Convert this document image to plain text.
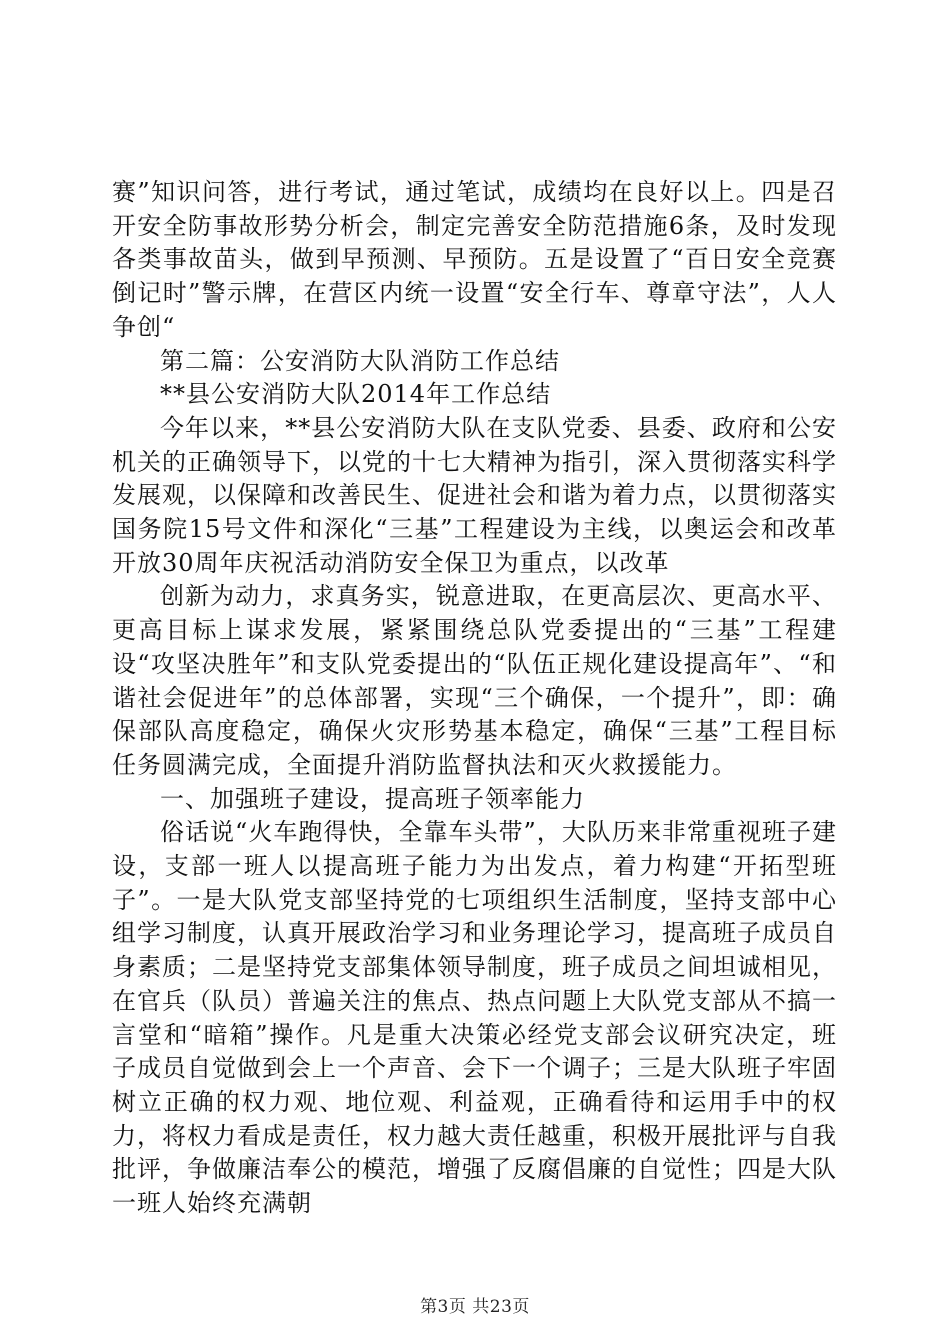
赛”知识问答，进行考试，通过笔试，成绩均在良好以上。四是召开安全防事故形势分析会，制定完善安全防范措施6条，及时发现各类事故苗头，做到早预测、早预防。五是设置了“百日安全竞赛倒记时”警示牌，在营区内统一设置“安全行车、尊章守法”，人人争创“

第二篇：公安消防大队消防工作总结

**县公安消防大队2014年工作总结

今年以来，**县公安消防大队在支队党委、县委、政府和公安机关的正确领导下，以党的十七大精神为指引，深入贯彻落实科学发展观，以保障和改善民生、促进社会和谐为着力点，以贯彻落实国务院15号文件和深化“三基”工程建设为主线，以奥运会和改革开放30周年庆祝活动消防安全保卫为重点，以改革

创新为动力，求真务实，锐意进取，在更高层次、更高水平、更高目标上谋求发展，紧紧围绕总队党委提出的“三基”工程建设“攻坚决胜年”和支队党委提出的“队伍正规化建设提高年”、“和谐社会促进年”的总体部署，实现“三个确保，一个提升”，即：确保部队高度稳定，确保火灾形势基本稳定，确保“三基”工程目标任务圆满完成，全面提升消防监督执法和灭火救援能力。

一、加强班子建设，提高班子领率能力

俗话说“火车跑得快，全靠车头带”，大队历来非常重视班子建设，支部一班人以提高班子能力为出发点，着力构建“开拓型班子”。一是大队党支部坚持党的七项组织生活制度，坚持支部中心组学习制度，认真开展政治学习和业务理论学习，提高班子成员自身素质；二是坚持党支部集体领导制度，班子成员之间坦诚相见，在官兵（队员）普遍关注的焦点、热点问题上大队党支部从不搞一言堂和“暗箱”操作。凡是重大决策必经党支部会议研究决定，班子成员自觉做到会上一个声音、会下一个调子；三是大队班子牢固树立正确的权力观、地位观、利益观，正确看待和运用手中的权力，将权力看成是责任，权力越大责任越重，积极开展批评与自我批评，争做廉洁奉公的模范，增强了反腐倡廉的自觉性；四是大队一班人始终充满朝

第3页 共23页
